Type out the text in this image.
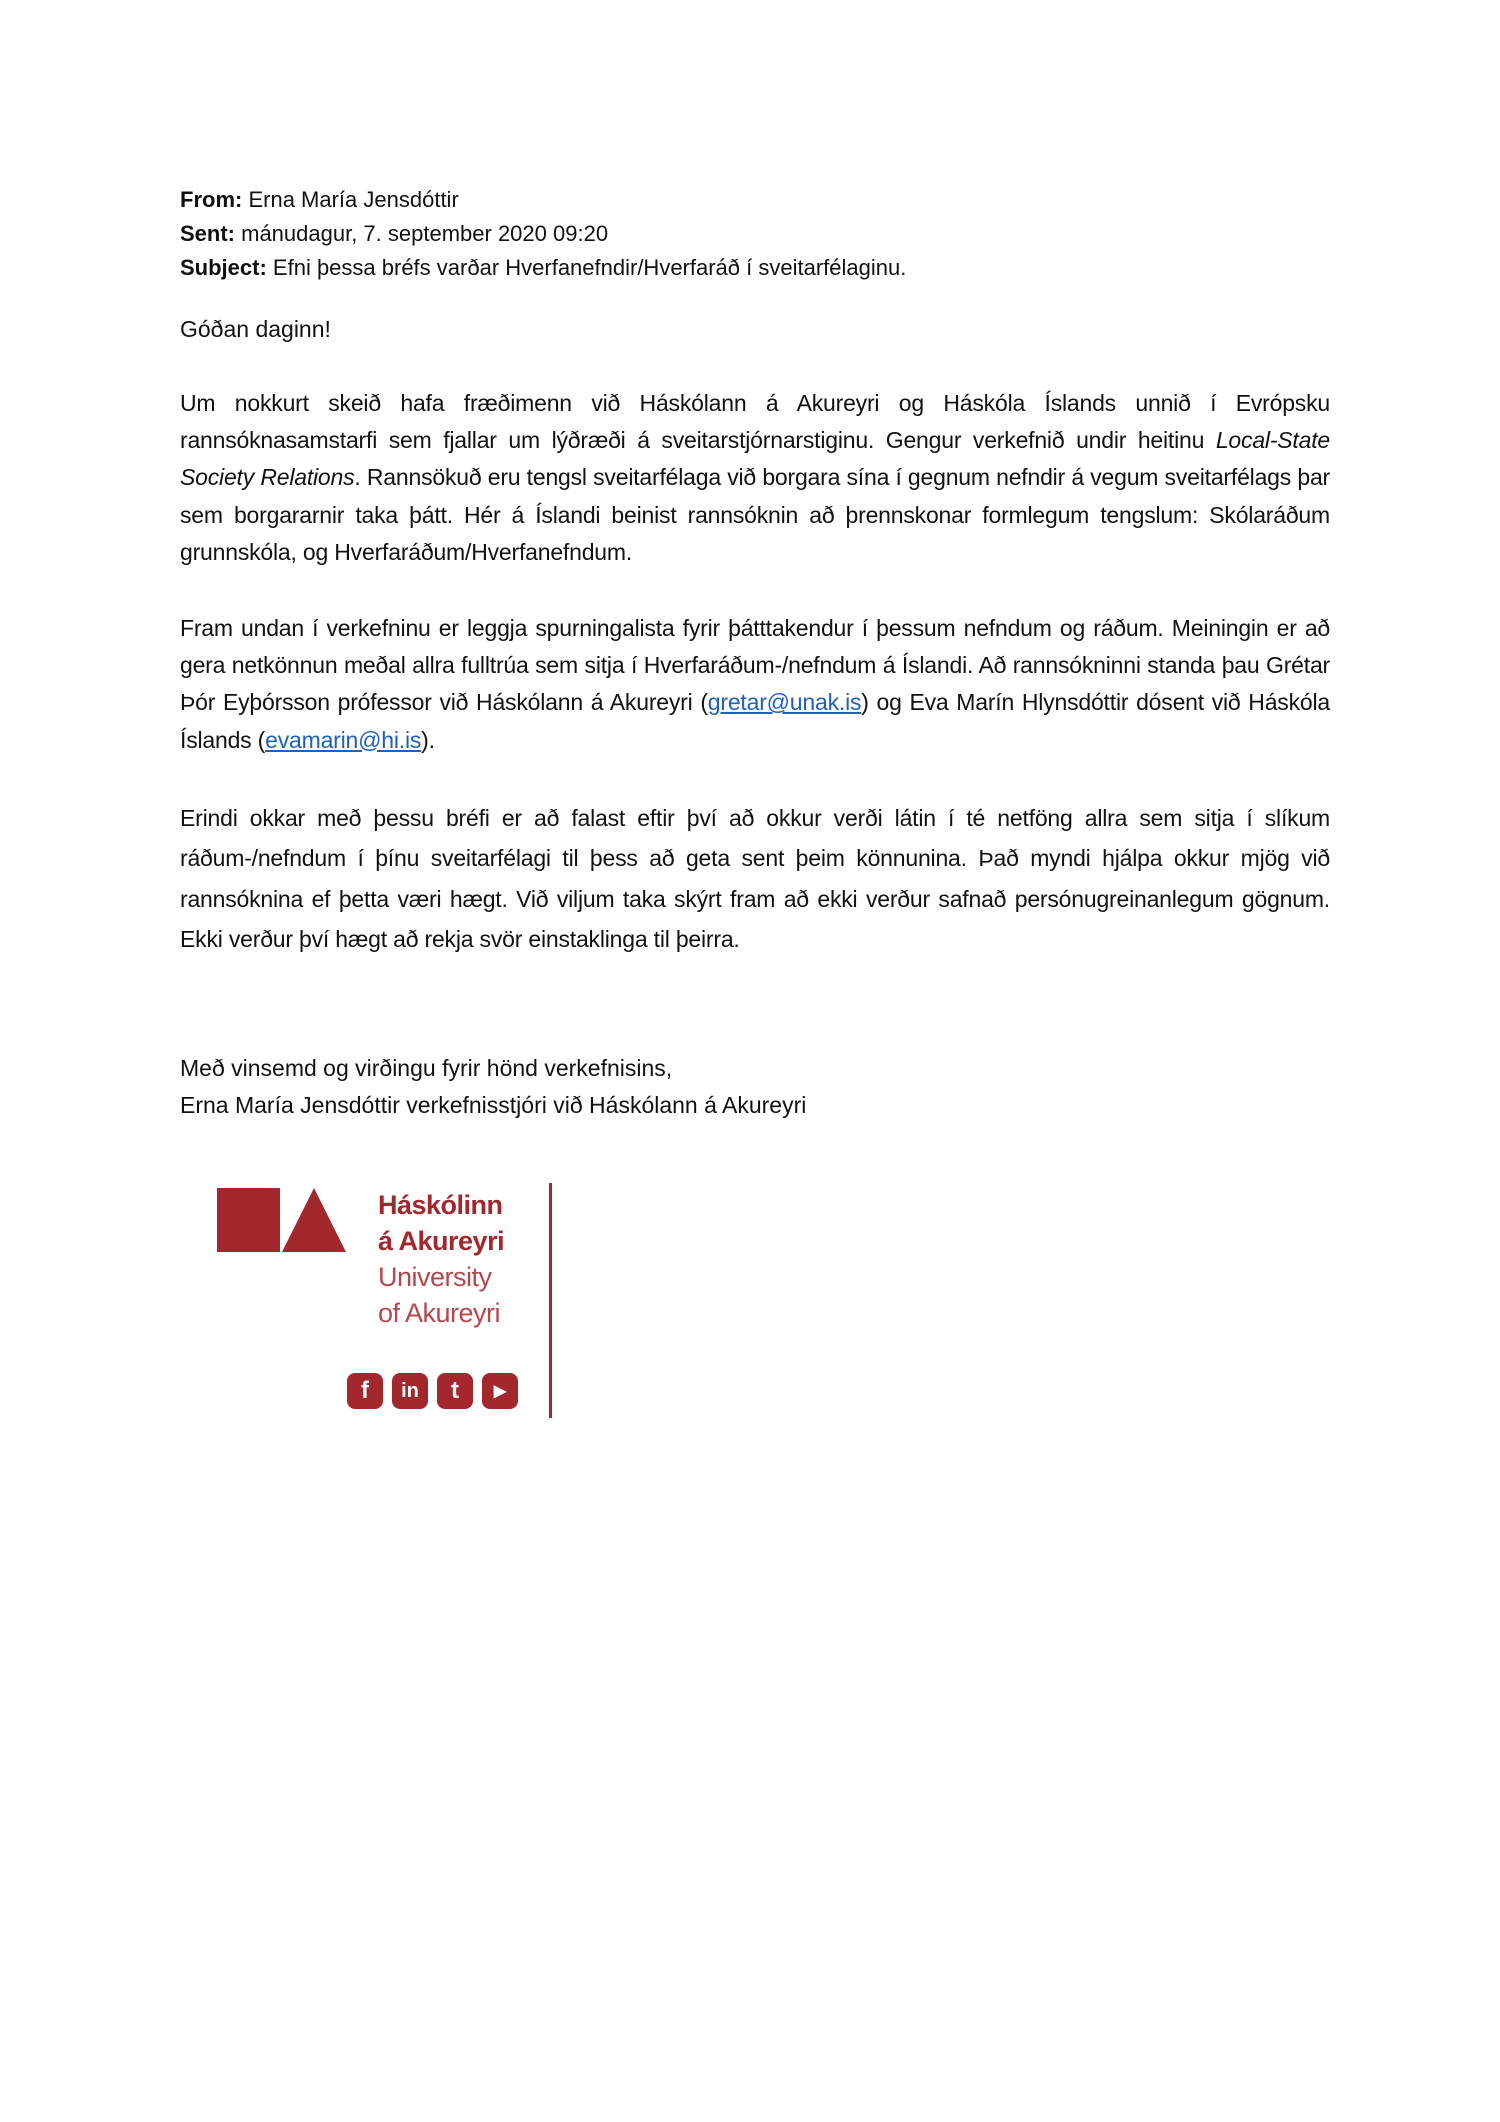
From: Erna María Jensdóttir
Sent: mánudagur, 7. september 2020 09:20
Subject: Efni þessa bréfs varðar Hverfanefndir/Hverfaráð í sveitarfélaginu.
Góðan daginn!

Um nokkurt skeið hafa fræðimenn við Háskólann á Akureyri og Háskóla Íslands unnið í Evrópsku rannsóknasamstarfi sem fjallar um lýðræði á sveitarstjórnarstiginu. Gengur verkefnið undir heitinu Local-State Society Relations. Rannsökuð eru tengsl sveitarfélaga við borgara sína í gegnum nefndir á vegum sveitarfélags þar sem borgararnir taka þátt. Hér á Íslandi beinist rannsóknin að þrennskonar formlegum tengslum: Skólaráðum grunnskóla, og Hverfaráðum/Hverfanefndum.

Fram undan í verkefninu er leggja spurningalista fyrir þátttakendur í þessum nefndum og ráðum. Meiningin er að gera netkönnun meðal allra fulltrúa sem sitja í Hverfaráðum-/nefndum á Íslandi. Að rannsókninni standa þau Grétar Þór Eyþórsson prófessor við Háskólann á Akureyri (gretar@unak.is) og Eva Marín Hlynsdóttir dósent við Háskóla Íslands (evamarin@hi.is).

Erindi okkar með þessu bréfi er að falast eftir því að okkur verði látin í té netföng allra sem sitja í slíkum ráðum-/nefndum í þínu sveitarfélagi til þess að geta sent þeim könnunina. Það myndi hjálpa okkur mjög við rannsóknina ef þetta væri hægt. Við viljum taka skýrt fram að ekki verður safnað persónugreinanlegum gögnum. Ekki verður því hægt að rekja svör einstaklinga til þeirra.

Með vinsemd og virðingu fyrir hönd verkefnisins,
Erna María Jensdóttir verkefnisstjóri við Háskólann á Akureyri
Háskólinn
á Akureyri
University
of Akureyri
f	in	t	▶
